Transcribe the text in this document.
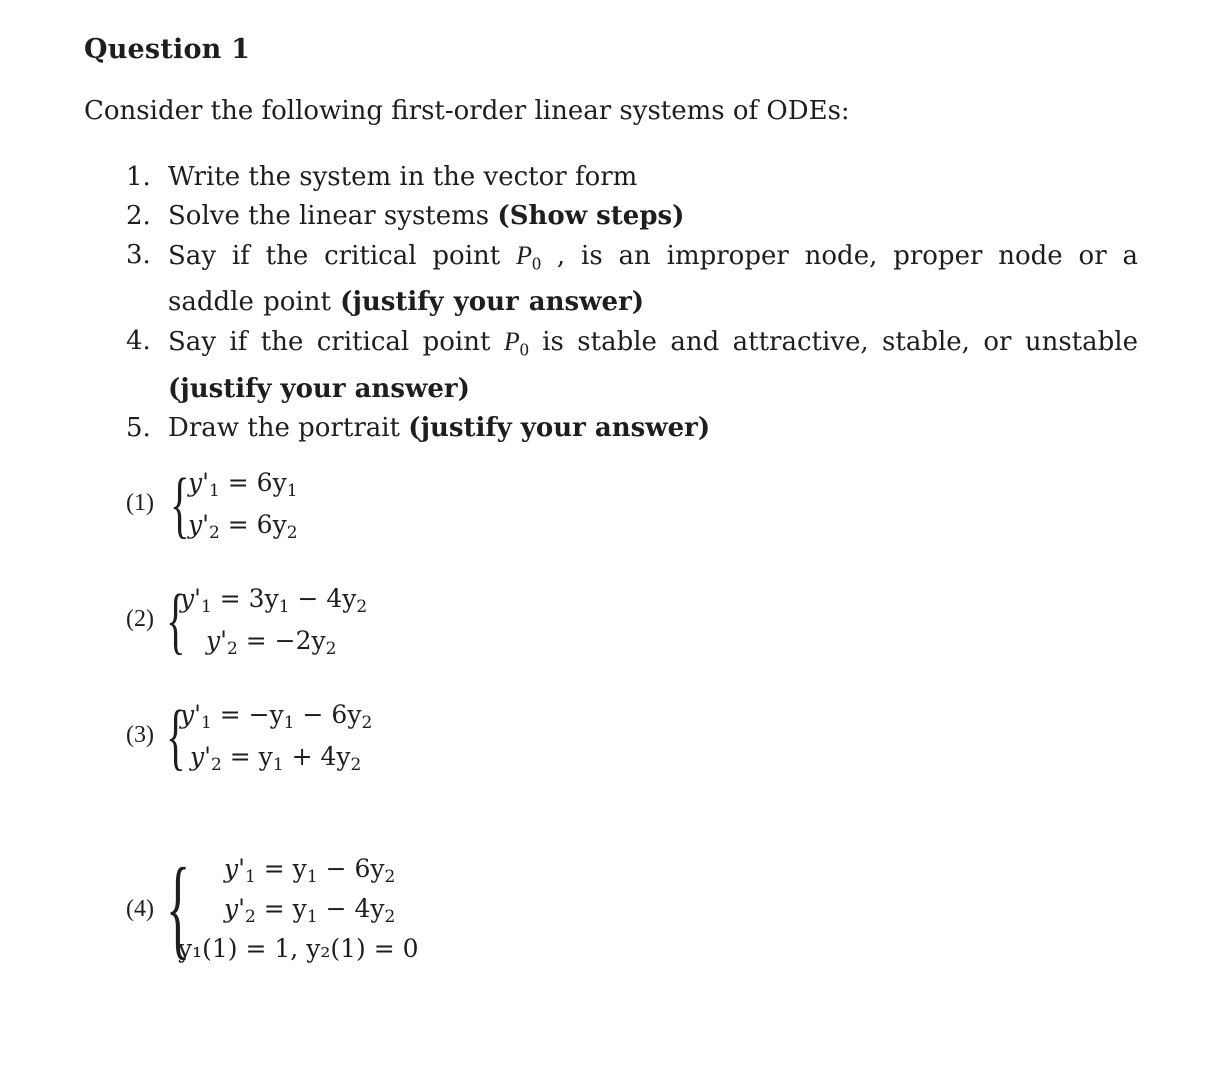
Question 1
Consider the following first-order linear systems of ODEs:
1. Write the system in the vector form
2. Solve the linear systems (Show steps)
3. Say if the critical point $P_0$ , is an improper node, proper node or a saddle point (justify your answer)
4. Say if the critical point $P_0$ is stable and attractive, stable, or unstable (justify your answer)
5. Draw the portrait (justify your answer)
(1) {
$y'_1 = 6y_1$
$y'_2 = 6y_2$
(2) {
$y'_1 = 3y_1 - 4y_2$
$y'_2 = -2y_2$
(3) {
$y'_1 = -y_1 - 6y_2$
$y'_2 = y_1 + 4y_2$
(4) { $y'_1 = y_1 - 6y_2$
$y'_2 = y_1 - 4y_2$
y₁(1) = 1, y₂(1) = 0
